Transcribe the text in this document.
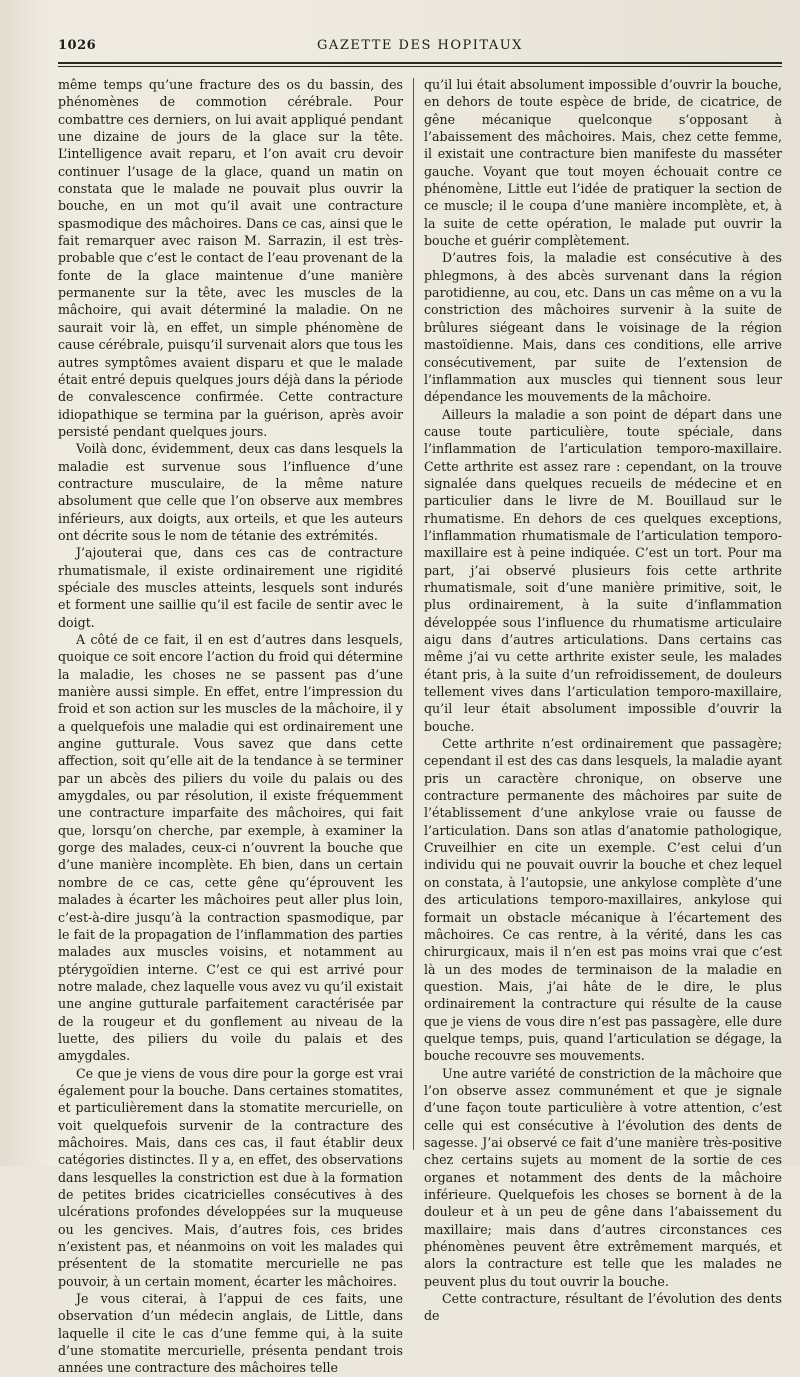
1026	GAZETTE DES HOPITAUX

même temps qu’une fracture des os du bassin, des phénomènes de commotion cérébrale. Pour combattre ces derniers, on lui avait appliqué pendant une dizaine de jours de la glace sur la tête. L’intelligence avait reparu, et l’on avait cru devoir continuer l’usage de la glace, quand un matin on constata que le malade ne pouvait plus ouvrir la bouche, en un mot qu’il avait une contracture spasmodique des mâchoires. Dans ce cas, ainsi que le fait remarquer avec raison M. Sarrazin, il est très-probable que c’est le contact de l’eau provenant de la fonte de la glace maintenue d’une manière permanente sur la tête, avec les muscles de la mâchoire, qui avait déterminé la maladie. On ne saurait voir là, en effet, un simple phénomène de cause cérébrale, puisqu’il survenait alors que tous les autres symptômes avaient disparu et que le malade était entré depuis quelques jours déjà dans la période de convalescence confirmée. Cette contracture idiopathique se termina par la guérison, après avoir persisté pendant quelques jours.

Voilà donc, évidemment, deux cas dans lesquels la maladie est survenue sous l’influence d’une contracture musculaire, de la même nature absolument que celle que l’on observe aux membres inférieurs, aux doigts, aux orteils, et que les auteurs ont décrite sous le nom de tétanie des extrémités.

J’ajouterai que, dans ces cas de contracture rhumatismale, il existe ordinairement une rigidité spéciale des muscles atteints, lesquels sont indurés et forment une saillie qu’il est facile de sentir avec le doigt.

A côté de ce fait, il en est d’autres dans lesquels, quoique ce soit encore l’action du froid qui détermine la maladie, les choses ne se passent pas d’une manière aussi simple. En effet, entre l’impression du froid et son action sur les muscles de la mâchoire, il y a quelquefois une maladie qui est ordinairement une angine gutturale. Vous savez que dans cette affection, soit qu’elle ait de la tendance à se terminer par un abcès des piliers du voile du palais ou des amygdales, ou par résolution, il existe fréquemment une contracture imparfaite des mâchoires, qui fait que, lorsqu’on cherche, par exemple, à examiner la gorge des malades, ceux-ci n’ouvrent la bouche que d’une manière incomplète. Eh bien, dans un certain nombre de ce cas, cette gêne qu’éprouvent les malades à écarter les mâchoires peut aller plus loin, c’est-à-dire jusqu’à la contraction spasmodique, par le fait de la propagation de l’inflammation des parties malades aux muscles voisins, et notamment au ptérygoïdien interne. C’est ce qui est arrivé pour notre malade, chez laquelle vous avez vu qu’il existait une angine gutturale parfaitement caractérisée par de la rougeur et du gonflement au niveau de la luette, des piliers du voile du palais et des amygdales.

Ce que je viens de vous dire pour la gorge est vrai également pour la bouche. Dans certaines stomatites, et particulièrement dans la stomatite mercurielle, on voit quelquefois survenir de la contracture des mâchoires. Mais, dans ces cas, il faut établir deux catégories distinctes. Il y a, en effet, des observations dans lesquelles la constriction est due à la formation de petites brides cicatricielles consécutives à des ulcérations profondes développées sur la muqueuse ou les gencives. Mais, d’autres fois, ces brides n’existent pas, et néanmoins on voit les malades qui présentent de la stomatite mercurielle ne pas pouvoir, à un certain moment, écarter les mâchoires.

Je vous citerai, à l’appui de ces faits, une observation d’un médecin anglais, de Little, dans laquelle il cite le cas d’une femme qui, à la suite d’une stomatite mercurielle, présenta pendant trois années une contracture des mâchoires telle

qu’il lui était absolument impossible d’ouvrir la bouche, en dehors de toute espèce de bride, de cicatrice, de gêne mécanique quelconque s’opposant à l’abaissement des mâchoires. Mais, chez cette femme, il existait une contracture bien manifeste du masséter gauche. Voyant que tout moyen échouait contre ce phénomène, Little eut l’idée de pratiquer la section de ce muscle; il le coupa d’une manière incomplète, et, à la suite de cette opération, le malade put ouvrir la bouche et guérir complètement.

D’autres fois, la maladie est consécutive à des phlegmons, à des abcès survenant dans la région parotidienne, au cou, etc. Dans un cas même on a vu la constriction des mâchoires survenir à la suite de brûlures siégeant dans le voisinage de la région mastoïdienne. Mais, dans ces conditions, elle arrive consécutivement, par suite de l’extension de l’inflammation aux muscles qui tiennent sous leur dépendance les mouvements de la mâchoire.

Ailleurs la maladie a son point de départ dans une cause toute particulière, toute spéciale, dans l’inflammation de l’articulation temporo-maxillaire. Cette arthrite est assez rare : cependant, on la trouve signalée dans quelques recueils de médecine et en particulier dans le livre de M. Bouillaud sur le rhumatisme. En dehors de ces quelques exceptions, l’inflammation rhumatismale de l’articulation temporo-maxillaire est à peine indiquée. C’est un tort. Pour ma part, j’ai observé plusieurs fois cette arthrite rhumatismale, soit d’une manière primitive, soit, le plus ordinairement, à la suite d’inflammation développée sous l’influence du rhumatisme articulaire aigu dans d’autres articulations. Dans certains cas même j’ai vu cette arthrite exister seule, les malades étant pris, à la suite d’un refroidissement, de douleurs tellement vives dans l’articulation temporo-maxillaire, qu’il leur était absolument impossible d’ouvrir la bouche.

Cette arthrite n’est ordinairement que passagère; cependant il est des cas dans lesquels, la maladie ayant pris un caractère chronique, on observe une contracture permanente des mâchoires par suite de l’établissement d’une ankylose vraie ou fausse de l’articulation. Dans son atlas d’anatomie pathologique, Cruveilhier en cite un exemple. C’est celui d’un individu qui ne pouvait ouvrir la bouche et chez lequel on constata, à l’autopsie, une ankylose complète d’une des articulations temporo-maxillaires, ankylose qui formait un obstacle mécanique à l’écartement des mâchoires. Ce cas rentre, à la vérité, dans les cas chirurgicaux, mais il n’en est pas moins vrai que c’est là un des modes de terminaison de la maladie en question. Mais, j’ai hâte de le dire, le plus ordinairement la contracture qui résulte de la cause que je viens de vous dire n’est pas passagère, elle dure quelque temps, puis, quand l’articulation se dégage, la bouche recouvre ses mouvements.

Une autre variété de constriction de la mâchoire que l’on observe assez communément et que je signale d’une façon toute particulière à votre attention, c’est celle qui est consécutive à l’évolution des dents de sagesse. J’ai observé ce fait d’une manière très-positive chez certains sujets au moment de la sortie de ces organes et notamment des dents de la mâchoire inférieure. Quelquefois les choses se bornent à de la douleur et à un peu de gêne dans l’abaissement du maxillaire; mais dans d’autres circonstances ces phénomènes peuvent être extrêmement marqués, et alors la contracture est telle que les malades ne peuvent plus du tout ouvrir la bouche.

Cette contracture, résultant de l’évolution des dents de
